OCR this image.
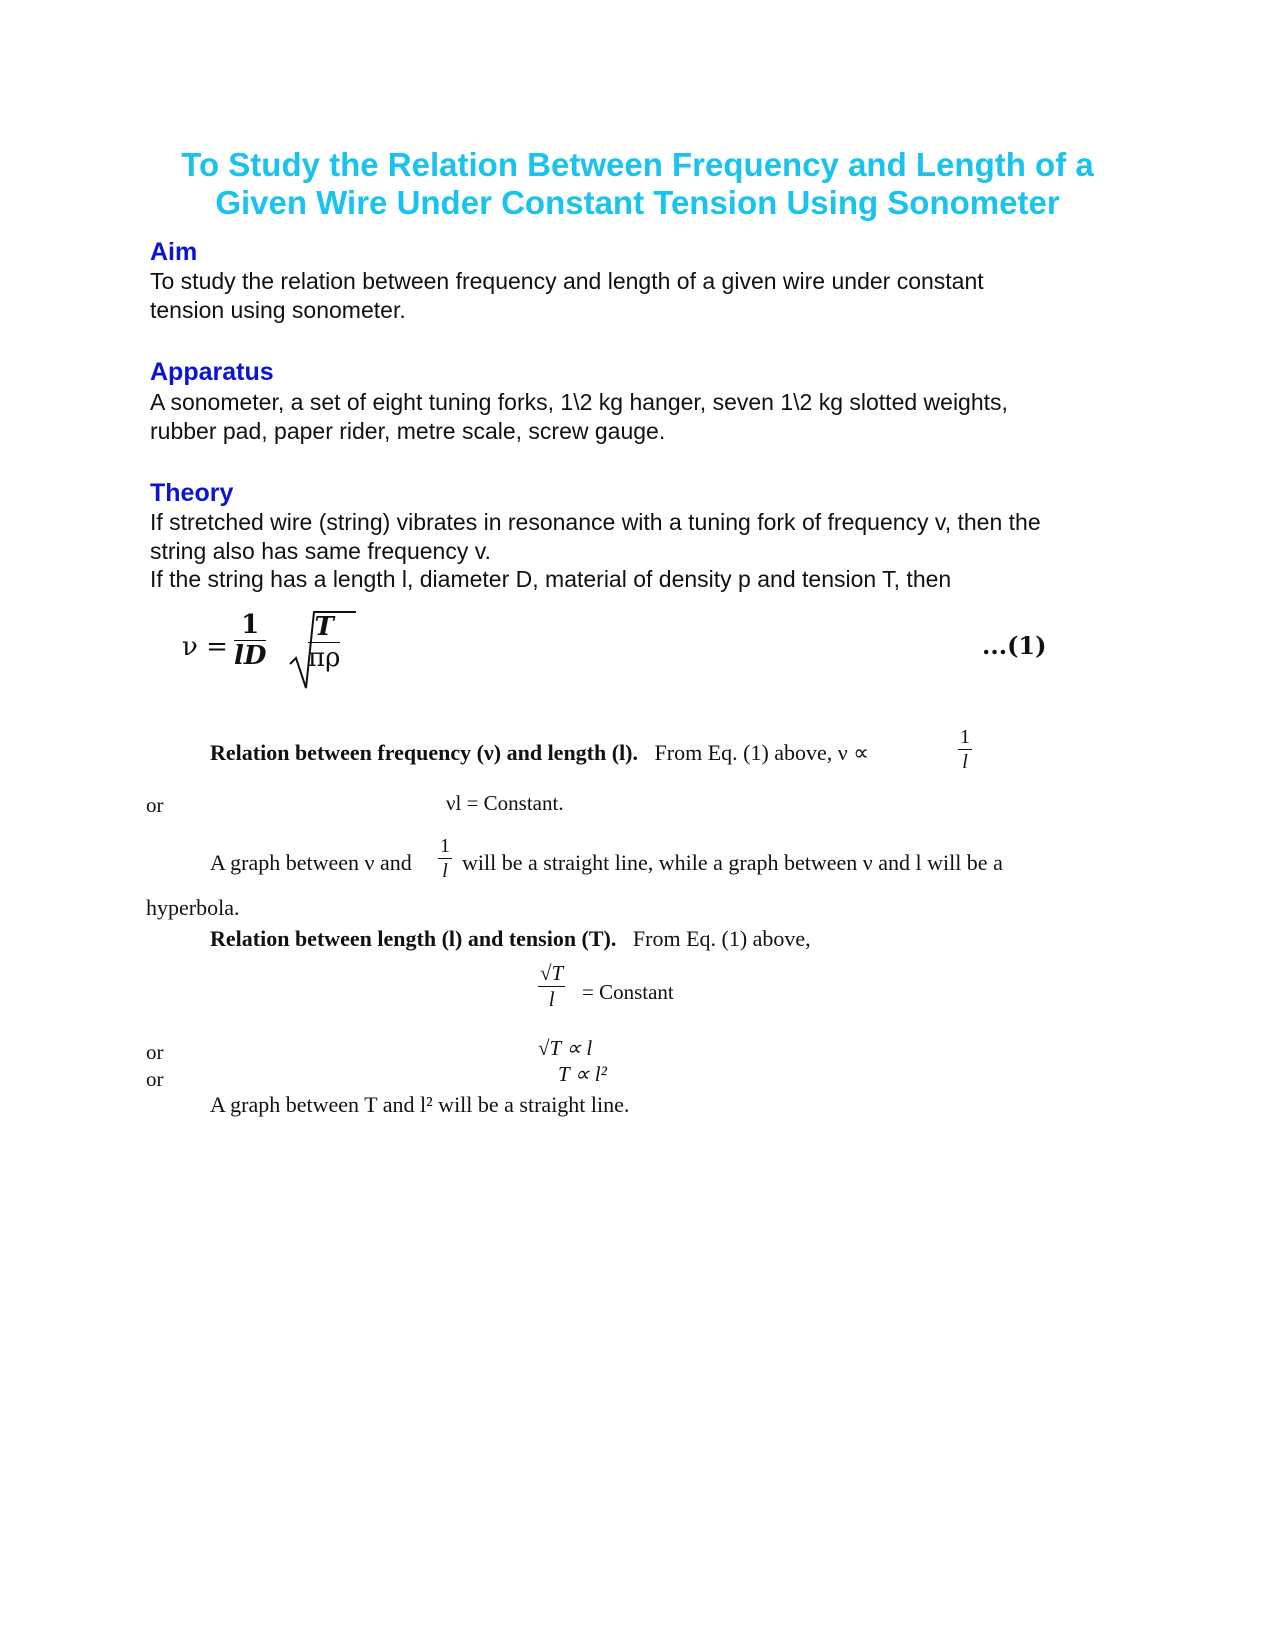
To Study the Relation Between Frequency and Length of a
Given Wire Under Constant Tension Using Sonometer
Aim

To study the relation between frequency and length of a given wire under constant tension using sonometer.

Apparatus

A sonometer, a set of eight tuning forks, 1\2 kg hanger, seven 1\2 kg slotted weights, rubber pad, paper rider, metre scale, screw gauge.

Theory

If stretched wire (string) vibrates in resonance with a tuning fork of frequency v, then the string also has same frequency v.

If the string has a length l, diameter D, material of density p and tension T, then

$\nu = \frac{1}{lD} \frac{T}{\pi\rho}$	...(1)
Relation between frequency (ν) and length (l). From Eq. (1) above, ν ∝	$\frac{1}{l}$
or	νl = Constant.
A graph between ν and $\frac{1}{l}$ will be a straight line, while a graph between ν and l will be a
hyperbola.
Relation between length (l) and tension (T). From Eq. (1) above,
$\frac{√T}{l}$ = Constant
or	√T ∝ l
or	T ∝ l²
A graph between T and l² will be a straight line.
